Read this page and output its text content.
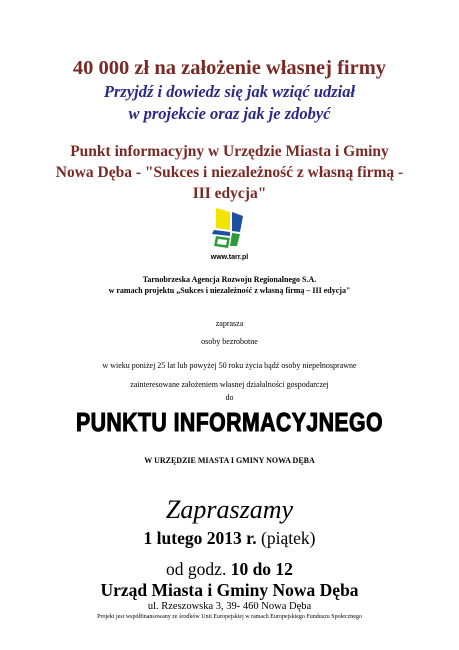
40 000 zł na założenie własnej firmy
Przyjdź i dowiedz się jak wziąć udział
w projekcie oraz jak je zdobyć
Punkt informacyjny w Urzędzie Miasta i Gminy
Nowa Dęba - "Sukces i niezależność z własną firmą -
III edycja"
www.tarr.pl
Tarnobrzeska Agencja Rozwoju Regionalnego S.A.
w ramach projektu „Sukces i niezależność z własną firmą – III edycja"
zaprasza
osoby bezrobotne
w wieku poniżej 25 lat lub powyżej 50 roku życia bądź osoby niepełnosprawne
zainteresowane założeniem własnej działalności gospodarczej
do
PUNKTU INFORMACYJNEGO
W URZĘDZIE MIASTA I GMINY NOWA DĘBA
Zapraszamy
1 lutego 2013 r. (piątek)
od godz. 10 do 12
Urząd Miasta i Gminy Nowa Dęba
ul. Rzeszowska 3, 39- 460 Nowa Dęba
Projekt jest współfinansowany ze środków Unii Europejskiej w ramach Europejskiego Funduszu Społecznego
